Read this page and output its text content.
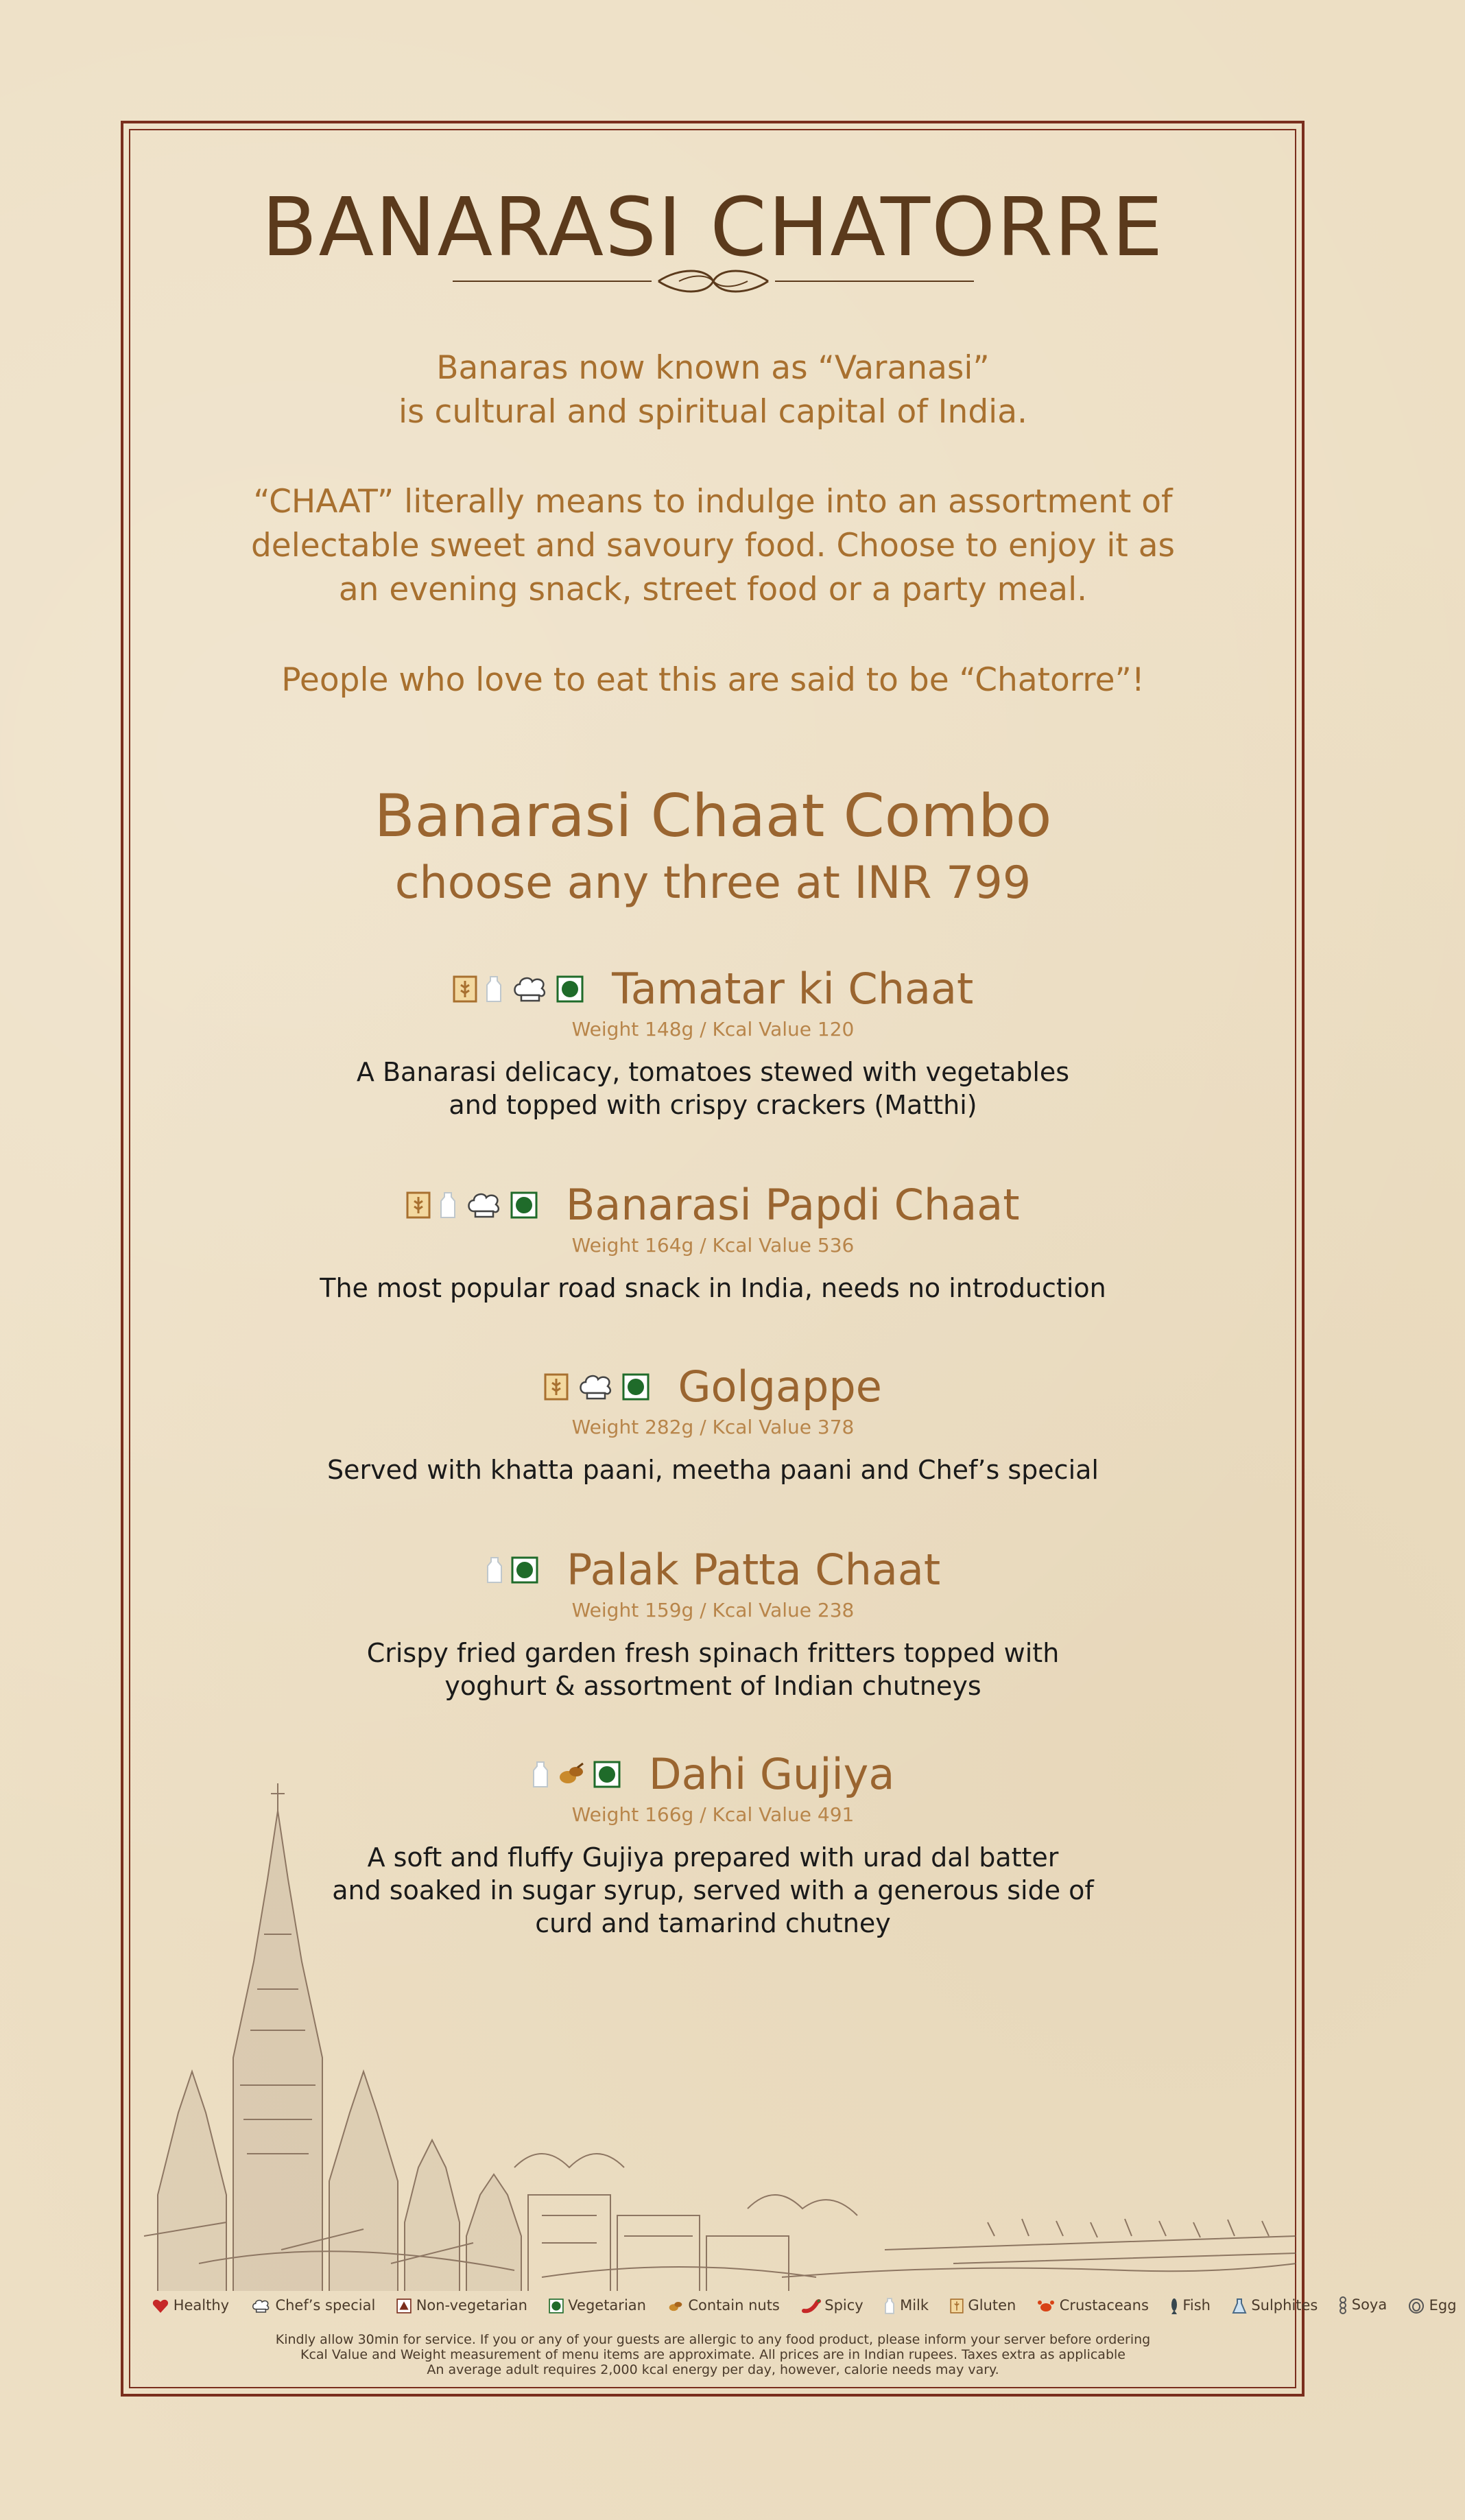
BANARASI CHATORRE
Banaras now known as “Varanasi”
is cultural and spiritual capital of India.
“CHAAT” literally means to indulge into an assortment of
delectable sweet and savoury food. Choose to enjoy it as
an evening snack, street food or a party meal.
People who love to eat this are said to be “Chatorre”!
Banarasi Chaat Combo
choose any three at INR 799
Tamatar ki Chaat
Weight 148g / Kcal Value 120
A Banarasi delicacy, tomatoes stewed with vegetables
and topped with crispy crackers (Matthi)
Banarasi Papdi Chaat
Weight 164g / Kcal Value 536
The most popular road snack in India, needs no introduction
Golgappe
Weight 282g / Kcal Value 378
Served with khatta paani, meetha paani and Chef’s special
Palak Patta Chaat
Weight 159g / Kcal Value 238
Crispy fried garden fresh spinach fritters topped with
yoghurt & assortment of Indian chutneys
Dahi Gujiya
Weight 166g / Kcal Value 491
A soft and fluffy Gujiya prepared with urad dal batter
and soaked in sugar syrup, served with a generous side of
curd and tamarind chutney
Healthy	Chef’s special	Non-vegetarian	Vegetarian	Contain nuts	Spicy	Milk	Gluten	Crustaceans Fish	Sulphites Soya	Egg
Kindly allow 30min for service. If you or any of your guests are allergic to any food product, please inform your server before ordering
Kcal Value and Weight measurement of menu items are approximate. All prices are in Indian rupees. Taxes extra as applicable
An average adult requires 2,000 kcal energy per day, however, calorie needs may vary.
